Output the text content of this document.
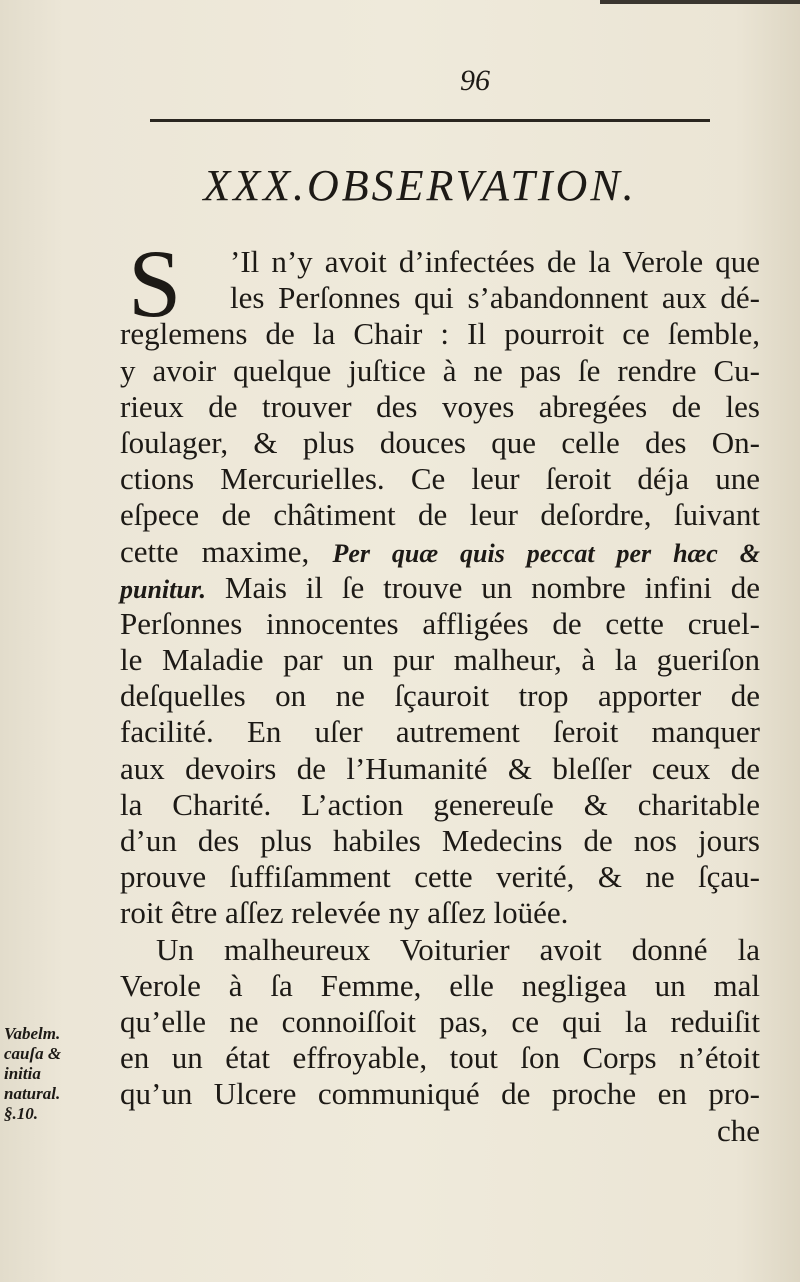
96
XXX.OBSERVATION.
S	’Il n’y avoit d’infectées de la Verole que
les Perſonnes qui s’abandonnent aux dé-
reglemens de la Chair : Il pourroit ce ſemble,
y avoir quelque juſtice à ne pas ſe rendre Cu-
rieux de trouver des voyes abregées de les
ſoulager, & plus douces que celle des On-
ctions Mercurielles. Ce leur ſeroit déja une
eſpece de châtiment de leur deſordre, ſuivant
cette maxime, Per quæ quis peccat per hæc &
punitur. Mais il ſe trouve un nombre infini de
Perſonnes innocentes affligées de cette cruel-
le Maladie par un pur malheur, à la gueriſon
deſquelles on ne ſçauroit trop apporter de
facilité. En uſer autrement ſeroit manquer
aux devoirs de l’Humanité & bleſſer ceux de
la Charité. L’action genereuſe & charitable
d’un des plus habiles Medecins de nos jours
prouve ſuffiſamment cette verité, & ne ſçau-
roit être aſſez relevée ny aſſez loüée.
Un malheureux Voiturier avoit donné la
Verole à ſa Femme, elle negligea un mal
qu’elle ne connoiſſoit pas, ce qui la reduiſit
en un état effroyable, tout ſon Corps n’étoit
qu’un Ulcere communiqué de proche en pro-
che
Vabelm.
cauſa &
initia
natural.
§.10.
